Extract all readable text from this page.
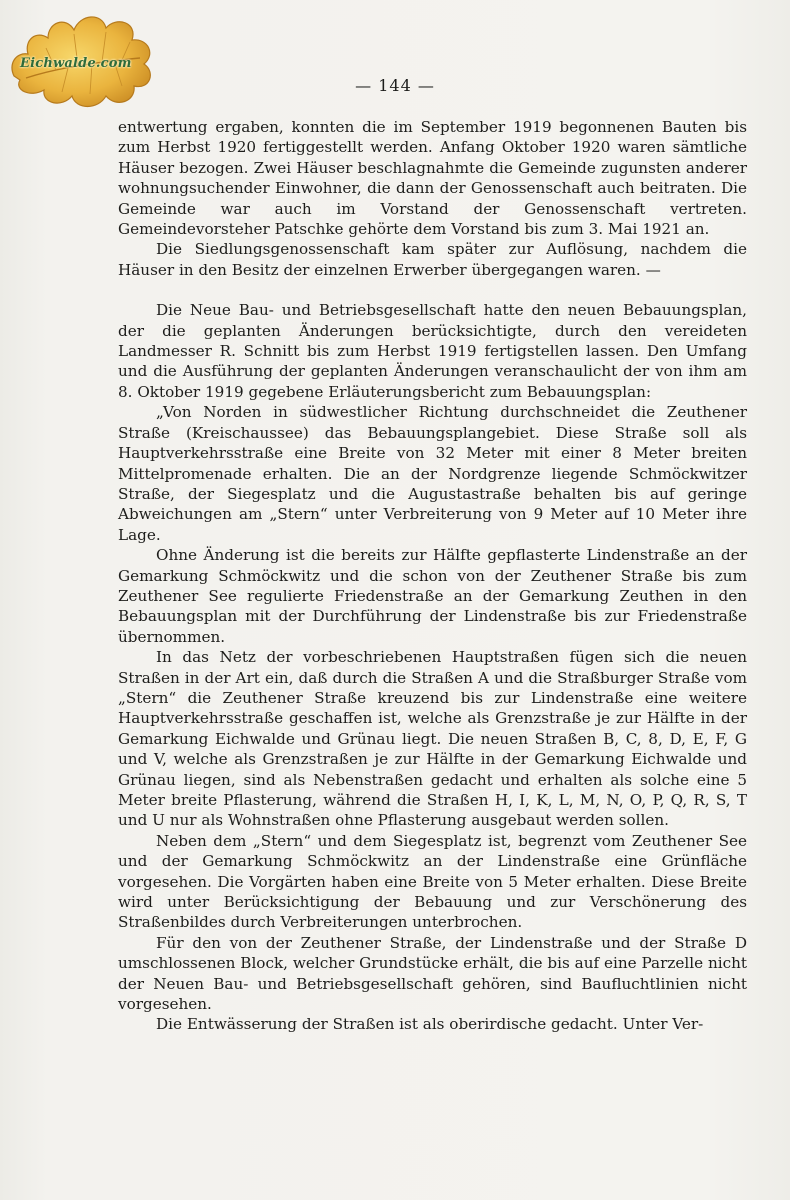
Eichwalde.com
— 144 —

entwertung ergaben, konnten die im September 1919 begonnenen Bauten bis zum Herbst 1920 fertiggestellt werden. Anfang Oktober 1920 waren sämtliche Häuser bezogen. Zwei Häuser beschlagnahmte die Gemeinde zugunsten anderer wohnungsuchender Einwohner, die dann der Genossenschaft auch beitraten. Die Gemeinde war auch im Vorstand der Genossenschaft vertreten. Gemeindevorsteher Patschke gehörte dem Vorstand bis zum 3. Mai 1921 an.

Die Siedlungsgenossenschaft kam später zur Auflösung, nachdem die Häuser in den Besitz der einzelnen Erwerber übergegangen waren. —

Die Neue Bau- und Betriebsgesellschaft hatte den neuen Bebauungsplan, der die geplanten Änderungen berücksichtigte, durch den vereideten Landmesser R. Schnitt bis zum Herbst 1919 fertigstellen lassen. Den Umfang und die Ausführung der geplanten Änderungen veranschaulicht der von ihm am 8. Oktober 1919 gegebene Erläuterungsbericht zum Bebauungsplan:

„Von Norden in südwestlicher Richtung durchschneidet die Zeuthener Straße (Kreischaussee) das Bebauungsplangebiet. Diese Straße soll als Hauptverkehrsstraße eine Breite von 32 Meter mit einer 8 Meter breiten Mittelpromenade erhalten. Die an der Nordgrenze liegende Schmöckwitzer Straße, der Siegesplatz und die Augustastraße behalten bis auf geringe Abweichungen am „Stern“ unter Verbreiterung von 9 Meter auf 10 Meter ihre Lage.

Ohne Änderung ist die bereits zur Hälfte gepflasterte Lindenstraße an der Gemarkung Schmöckwitz und die schon von der Zeuthener Straße bis zum Zeuthener See regulierte Friedenstraße an der Gemarkung Zeuthen in den Bebauungsplan mit der Durchführung der Lindenstraße bis zur Friedenstraße übernommen.

In das Netz der vorbeschriebenen Hauptstraßen fügen sich die neuen Straßen in der Art ein, daß durch die Straßen A und die Straßburger Straße vom „Stern“ die Zeuthener Straße kreuzend bis zur Lindenstraße eine weitere Hauptverkehrsstraße geschaffen ist, welche als Grenzstraße je zur Hälfte in der Gemarkung Eichwalde und Grünau liegt. Die neuen Straßen B, C, 8, D, E, F, G und V, welche als Grenzstraßen je zur Hälfte in der Gemarkung Eichwalde und Grünau liegen, sind als Nebenstraßen gedacht und erhalten als solche eine 5 Meter breite Pflasterung, während die Straßen H, I, K, L, M, N, O, P, Q, R, S, T und U nur als Wohnstraßen ohne Pflasterung ausgebaut werden sollen.

Neben dem „Stern“ und dem Siegesplatz ist, begrenzt vom Zeuthener See und der Gemarkung Schmöckwitz an der Lindenstraße eine Grünfläche vorgesehen. Die Vorgärten haben eine Breite von 5 Meter erhalten. Diese Breite wird unter Berücksichtigung der Bebauung und zur Verschönerung des Straßenbildes durch Verbreiterungen unterbrochen.

Für den von der Zeuthener Straße, der Lindenstraße und der Straße D umschlossenen Block, welcher Grundstücke erhält, die bis auf eine Parzelle nicht der Neuen Bau- und Betriebsgesellschaft gehören, sind Baufluchtlinien nicht vorgesehen.

Die Entwässerung der Straßen ist als oberirdische gedacht. Unter Ver-
